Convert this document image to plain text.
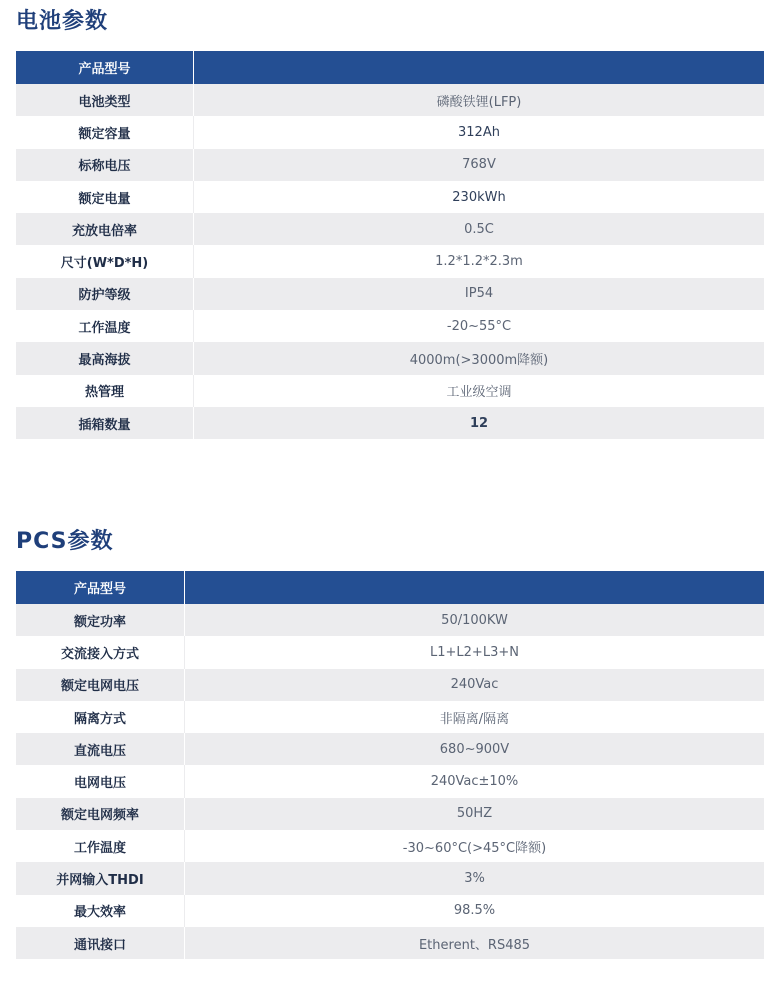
电池参数
产品型号
电池类型	磷酸铁锂(LFP)
额定容量	312Ah
标称电压	768V
额定电量	230kWh
充放电倍率	0.5C
尺寸(W*D*H)	1.2*1.2*2.3m
防护等级	IP54
工作温度	-20~55°C
最高海拔	4000m(>3000m降额)
热管理	工业级空调
插箱数量	12
PCS参数
产品型号
额定功率	50/100KW
交流接入方式	L1+L2+L3+N
额定电网电压	240Vac
隔离方式	非隔离/隔离
直流电压	680~900V
电网电压	240Vac±10%
额定电网频率	50HZ
工作温度	-30~60°C(>45°C降额)
并网输入THDI	3%
最大效率	98.5%
通讯接口	Etherent、RS485
